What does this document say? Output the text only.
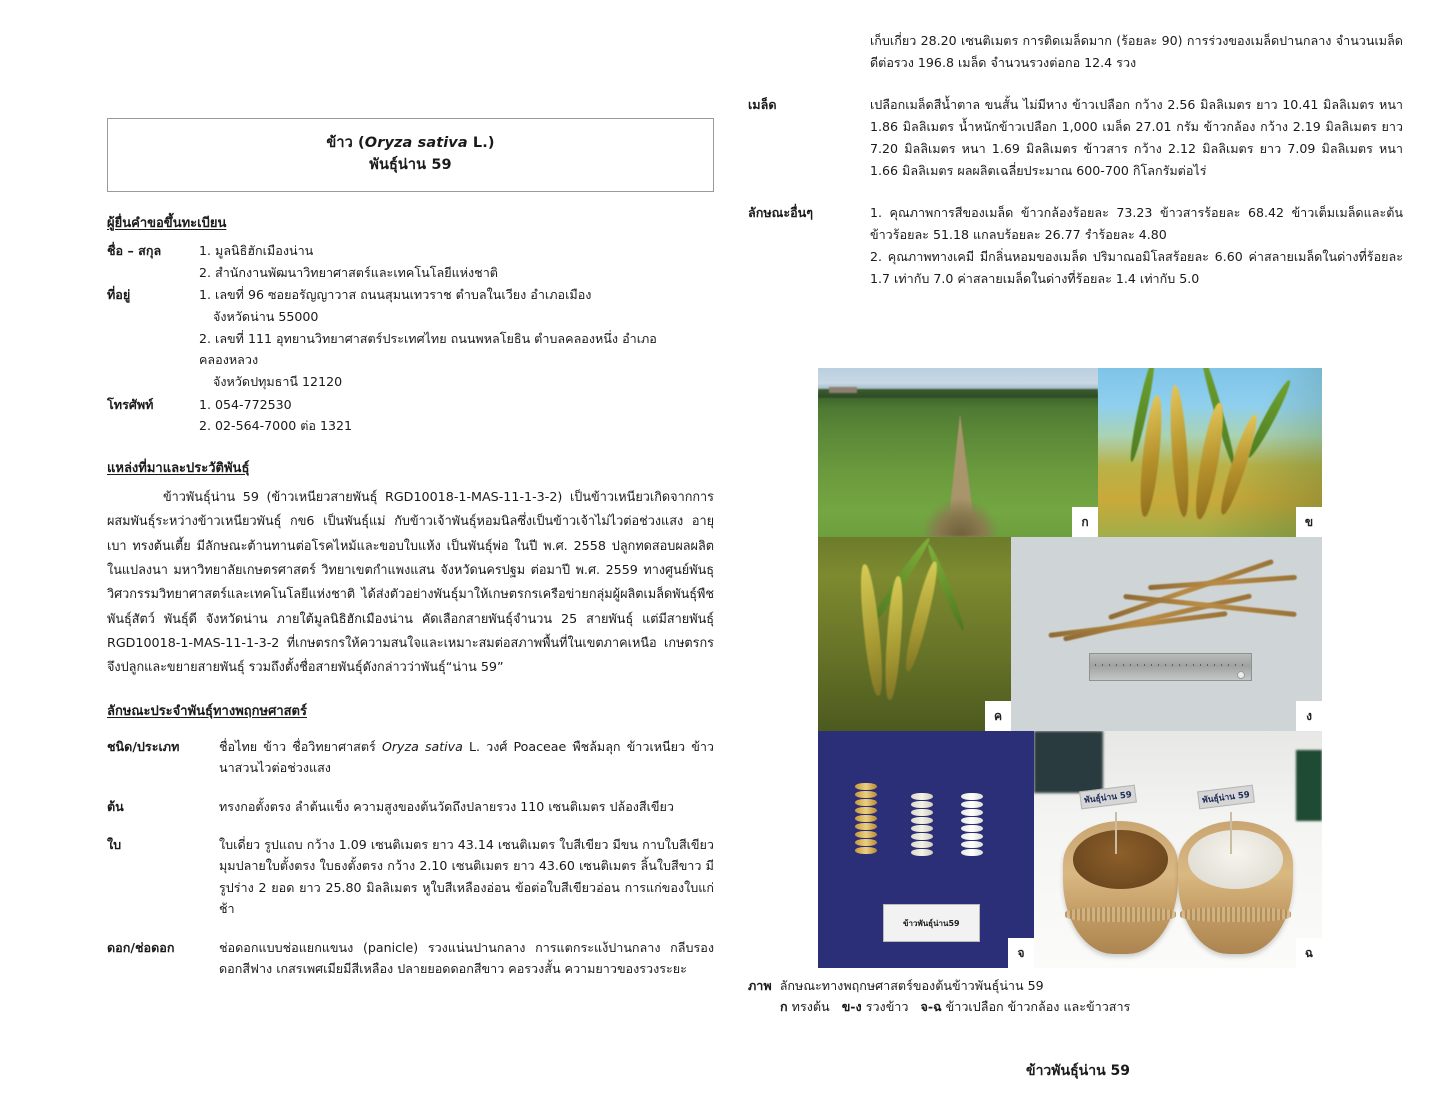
ข้าว (Oryza sativa L.)
พันธุ์น่าน 59
ผู้ยื่นคำขอขึ้นทะเบียน
ชื่อ – สกุล	1. มูลนิธิฮักเมืองน่าน
2. สำนักงานพัฒนาวิทยาศาสตร์และเทคโนโลยีแห่งชาติ
ที่อยู่	1. เลขที่ 96 ซอยอรัญญาวาส ถนนสุมนเทวราช ตำบลในเวียง อำเภอเมือง
จังหวัดน่าน 55000
2. เลขที่ 111 อุทยานวิทยาศาสตร์ประเทศไทย ถนนพหลโยธิน ตำบลคลองหนึ่ง อำเภอคลองหลวง
จังหวัดปทุมธานี 12120
โทรศัพท์	1. 054-772530
2. 02-564-7000 ต่อ 1321
แหล่งที่มาและประวัติพันธุ์

ข้าวพันธุ์น่าน 59 (ข้าวเหนียวสายพันธุ์ RGD10018-1-MAS-11-1-3-2) เป็นข้าวเหนียวเกิดจากการผสมพันธุ์ระหว่างข้าวเหนียวพันธุ์ กข6 เป็นพันธุ์แม่ กับข้าวเจ้าพันธุ์หอมนิลซึ่งเป็นข้าวเจ้าไม่ไวต่อช่วงแสง อายุเบา ทรงต้นเตี้ย มีลักษณะต้านทานต่อโรคไหม้และขอบใบแห้ง เป็นพันธุ์พ่อ ในปี พ.ศ. 2558 ปลูกทดสอบผลผลิตในแปลงนา มหาวิทยาลัยเกษตรศาสตร์ วิทยาเขตกำแพงแสน จังหวัดนครปฐม ต่อมาปี พ.ศ. 2559 ทางศูนย์พันธุวิศวกรรมวิทยาศาสตร์และเทคโนโลยีแห่งชาติ ได้ส่งตัวอย่างพันธุ์มาให้เกษตรกรเครือข่ายกลุ่มผู้ผลิตเมล็ดพันธุ์พืช พันธุ์สัตว์ พันธุ์ดี จังหวัดน่าน ภายใต้มูลนิธิฮักเมืองน่าน คัดเลือกสายพันธุ์จำนวน 25 สายพันธุ์ แต่มีสายพันธุ์ RGD10018-1-MAS-11-1-3-2 ที่เกษตรกรให้ความสนใจและเหมาะสมต่อสภาพพื้นที่ในเขตภาคเหนือ เกษตรกรจึงปลูกและขยายสายพันธุ์ รวมถึงตั้งชื่อสายพันธุ์ดังกล่าวว่าพันธุ์“น่าน 59”

ลักษณะประจำพันธุ์ทางพฤกษศาสตร์
ชนิด/ประเภท	ชื่อไทย ข้าว ชื่อวิทยาศาสตร์ Oryza sativa L. วงศ์ Poaceae พืชล้มลุก ข้าวเหนียว ข้าวนาสวนไวต่อช่วงแสง
ต้น	ทรงกอตั้งตรง ลำต้นแข็ง ความสูงของต้นวัดถึงปลายรวง 110 เซนติเมตร ปล้องสีเขียว
ใบ	ใบเดี่ยว รูปแถบ กว้าง 1.09 เซนติเมตร ยาว 43.14 เซนติเมตร ใบสีเขียว มีขน กาบใบสีเขียว มุมปลายใบตั้งตรง ใบธงตั้งตรง กว้าง 2.10 เซนติเมตร ยาว 43.60 เซนติเมตร ลิ้นใบสีขาว มีรูปร่าง 2 ยอด ยาว 25.80 มิลลิเมตร หูใบสีเหลืองอ่อน ข้อต่อใบสีเขียวอ่อน การแก่ของใบแก่ช้า
ดอก/ช่อดอก	ช่อดอกแบบช่อแยกแขนง (panicle) รวงแน่นปานกลาง การแตกระแง้ปานกลาง กลีบรองดอกสีฟาง เกสรเพศเมียมีสีเหลือง ปลายยอดดอกสีขาว คอรวงสั้น ความยาวของรวงระยะ

เก็บเกี่ยว 28.20 เซนติเมตร การติดเมล็ดมาก (ร้อยละ 90) การร่วงของเมล็ดปานกลาง จำนวนเมล็ดดีต่อรวง 196.8 เมล็ด จำนวนรวงต่อกอ 12.4 รวง

เมล็ด	เปลือกเมล็ดสีน้ำตาล ขนสั้น ไม่มีหาง ข้าวเปลือก กว้าง 2.56 มิลลิเมตร ยาว 10.41 มิลลิเมตร หนา 1.86 มิลลิเมตร น้ำหนักข้าวเปลือก 1,000 เมล็ด 27.01 กรัม ข้าวกล้อง กว้าง 2.19 มิลลิเมตร ยาว 7.20 มิลลิเมตร หนา 1.69 มิลลิเมตร ข้าวสาร กว้าง 2.12 มิลลิเมตร ยาว 7.09 มิลลิเมตร หนา 1.66 มิลลิเมตร ผลผลิตเฉลี่ยประมาณ 600-700 กิโลกรัมต่อไร่

ลักษณะอื่นๆ	1. คุณภาพการสีของเมล็ด ข้าวกล้องร้อยละ 73.23 ข้าวสารร้อยละ 68.42 ข้าวเต็มเมล็ดและต้นข้าวร้อยละ 51.18 แกลบร้อยละ 26.77 รำร้อยละ 4.80

2. คุณภาพทางเคมี มีกลิ่นหอมของเมล็ด ปริมาณอมิโลสร้อยละ 6.60 ค่าสลายเมล็ดในด่างที่ร้อยละ 1.7 เท่ากับ 7.0 ค่าสลายเมล็ดในด่างที่ร้อยละ 1.4 เท่ากับ 5.0

ก	ข
ค	ง
ข้าวพันธุ์น่าน59
จ
พันธุ์น่าน 59	พันธุ์น่าน 59
ฉ
ภาพ ลักษณะทางพฤกษศาสตร์ของต้นข้าวพันธุ์น่าน 59
ก ทรงต้น ข-ง รวงข้าว จ-ฉ ข้าวเปลือก ข้าวกล้อง และข้าวสาร
ข้าวพันธุ์น่าน 59
